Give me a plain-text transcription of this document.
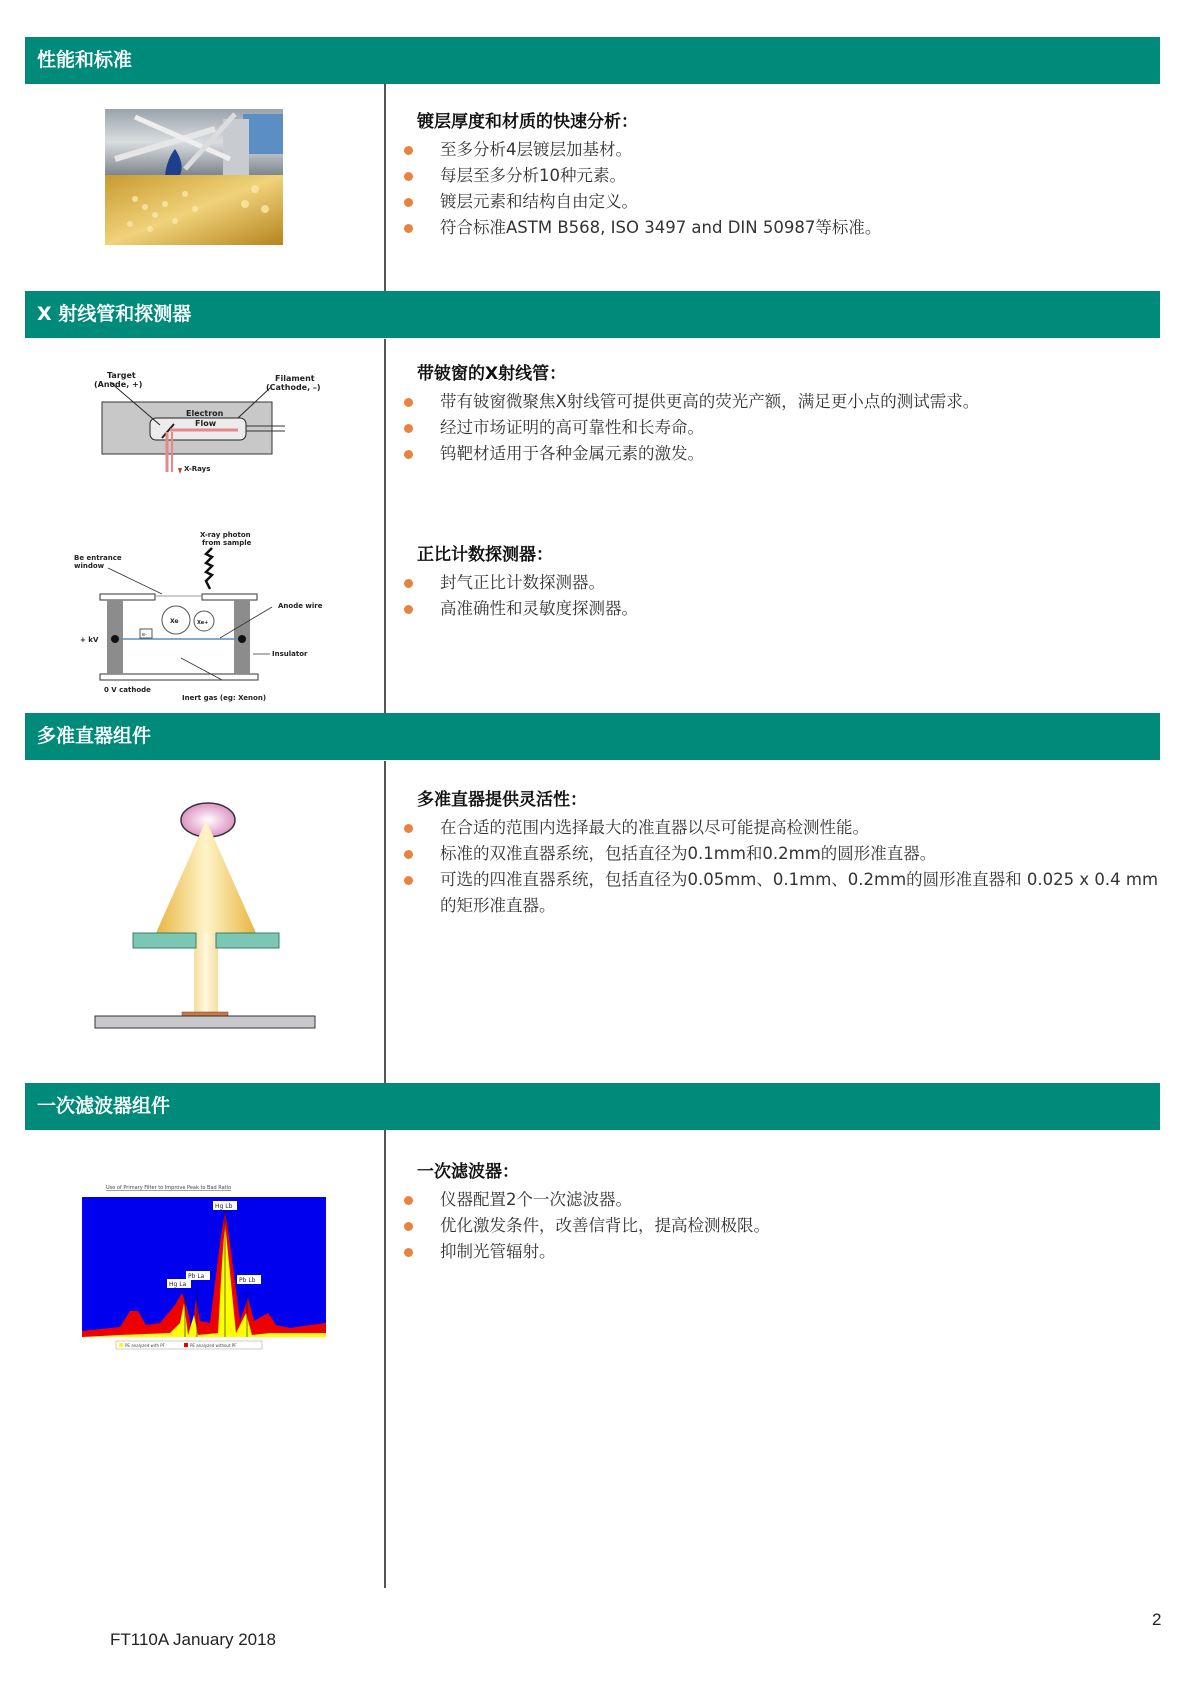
性能和标准
X 射线管和探测器
多准直器组件
一次滤波器组件
镀层厚度和材质的快速分析：
至多分析4层镀层加基材。
每层至多分析10种元素。
镀层元素和结构自由定义。
符合标准ASTM B568, ISO 3497 and DIN 50987等标准。
Target
(Anode, +)
Filament
(Cathode, –)
Electron
Flow
X-Rays
X-ray photon
from sample
Be entrance
window
Anode wire
+ kV
Insulator
0 V cathode
Inert gas (eg: Xenon)
Xe	Xe+
e-
带铍窗的X射线管：
带有铍窗微聚焦X射线管可提供更高的荧光产额，满足更小点的测试需求。
经过市场证明的高可靠性和长寿命。
钨靶材适用于各种金属元素的激发。
正比计数探测器：
封气正比计数探测器。
高准确性和灵敏度探测器。
多准直器提供灵活性：
在合适的范围内选择最大的准直器以尽可能提高检测性能。
标准的双准直器系统，包括直径为0.1mm和0.2mm的圆形准直器。
可选的四准直器系统，包括直径为0.05mm、0.1mm、0.2mm的圆形准直器和 0.025 x 0.4 mm的矩形准直器。
Use of Primary Filter to Improve Peak to Bad Ratio
Hg Lb
Hg La
Pb La
Pb Lb
PE analyzed with PF	PE analyzed without PF
一次滤波器：
仪器配置2个一次滤波器。
优化激发条件，改善信背比，提高检测极限。
抑制光管辐射。
FT110A January 2018
2
